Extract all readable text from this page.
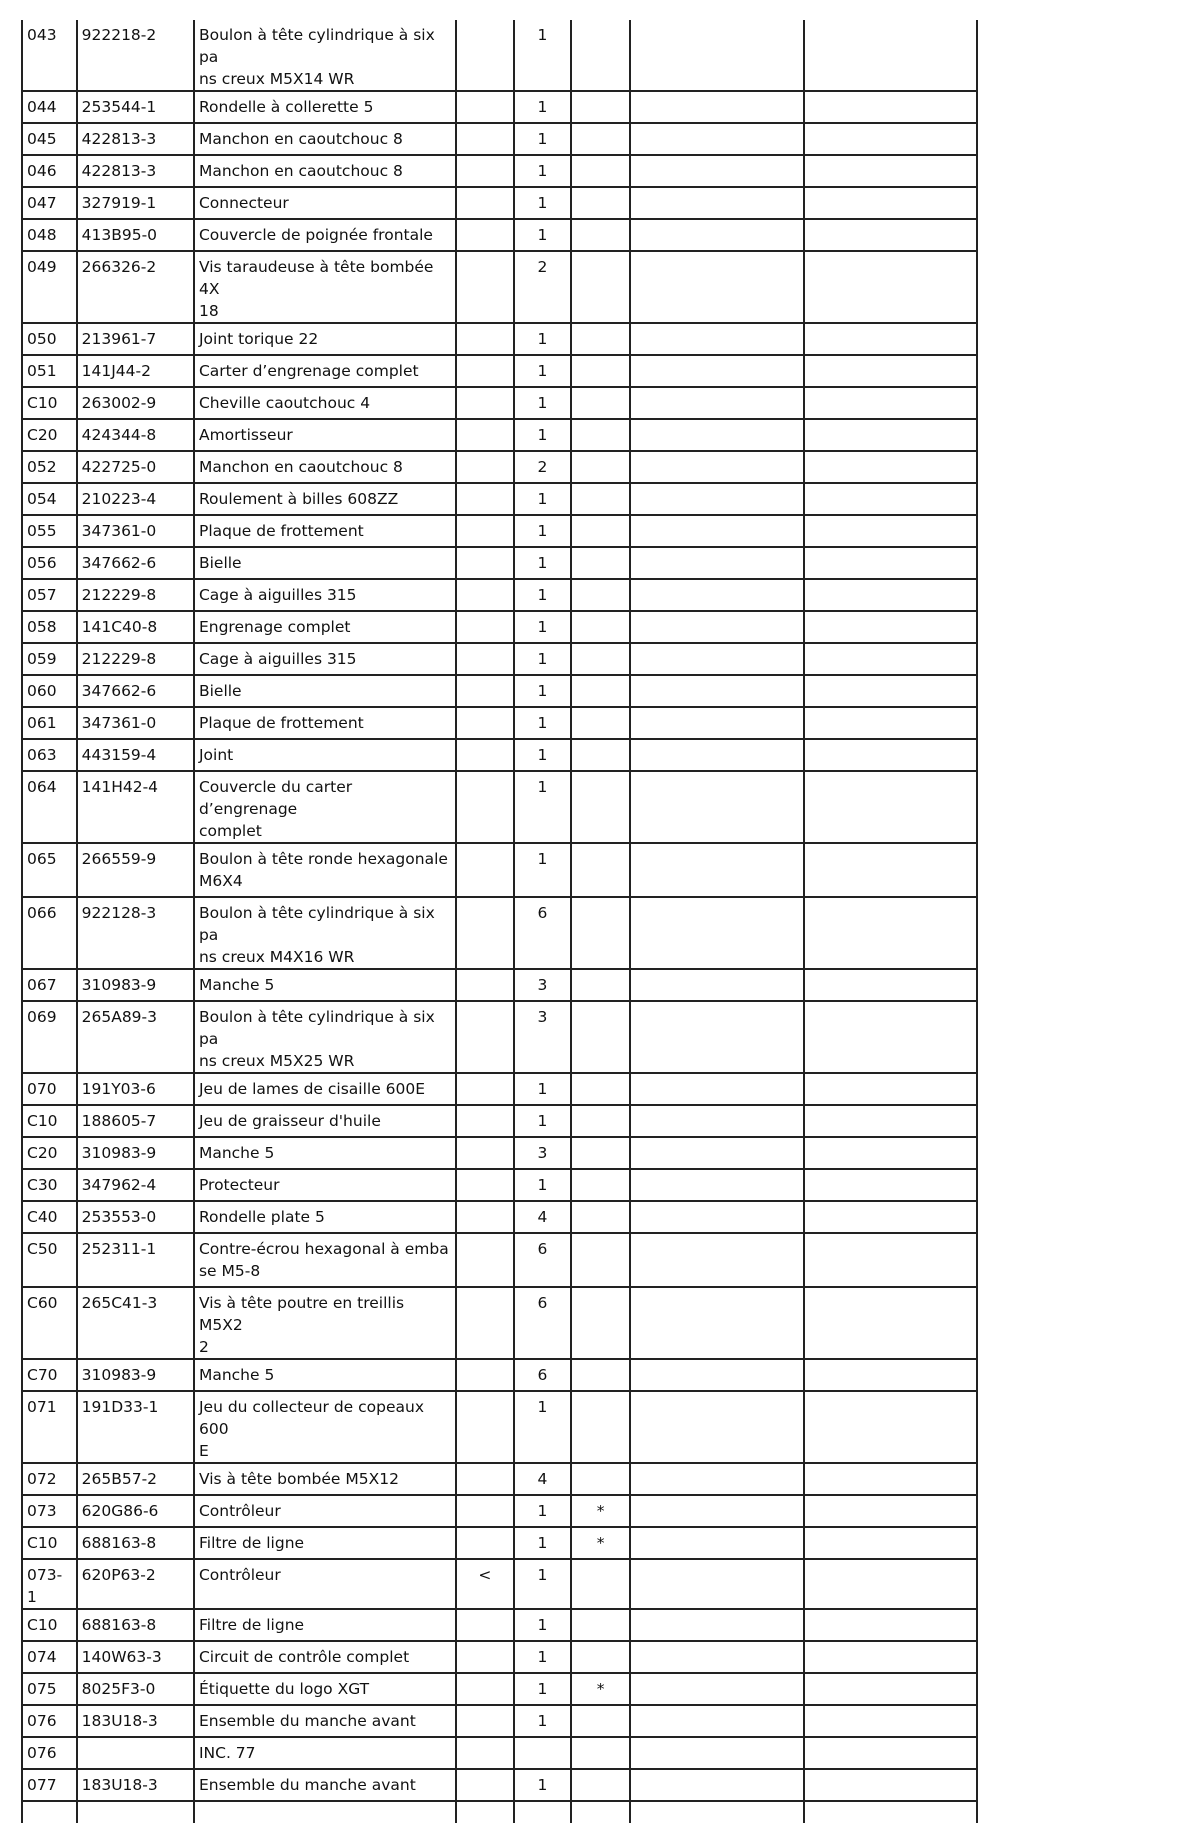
043	922218-2	Boulon à tête cylindrique à six pa
ns creux M5X14 WR		1			

044	253544-1	Rondelle à collerette 5		1			

045	422813-3	Manchon en caoutchouc 8		1			

046	422813-3	Manchon en caoutchouc 8		1			

047	327919-1	Connecteur		1			

048	413B95-0	Couvercle de poignée frontale		1			

049	266326-2	Vis taraudeuse à tête bombée 4X
18		2			

050	213961-7	Joint torique 22		1			

051	141J44-2	Carter d’engrenage complet		1			

C10	263002-9	Cheville caoutchouc 4		1			

C20	424344-8	Amortisseur		1			

052	422725-0	Manchon en caoutchouc 8		2			

054	210223-4	Roulement à billes 608ZZ		1			

055	347361-0	Plaque de frottement		1			

056	347662-6	Bielle		1			

057	212229-8	Cage à aiguilles 315		1			

058	141C40-8	Engrenage complet		1			

059	212229-8	Cage à aiguilles 315		1			

060	347662-6	Bielle		1			

061	347361-0	Plaque de frottement		1			

063	443159-4	Joint		1			

064	141H42-4	Couvercle du carter d’engrenage
complet		1			

065	266559-9	Boulon à tête ronde hexagonale
M6X4		1			

066	922128-3	Boulon à tête cylindrique à six pa
ns creux M4X16 WR		6			

067	310983-9	Manche 5		3			

069	265A89-3	Boulon à tête cylindrique à six pa
ns creux M5X25 WR		3			

070	191Y03-6	Jeu de lames de cisaille 600E		1			

C10	188605-7	Jeu de graisseur d'huile		1			

C20	310983-9	Manche 5		3			

C30	347962-4	Protecteur		1			

C40	253553-0	Rondelle plate 5		4			

C50	252311-1	Contre-écrou hexagonal à emba
se M5-8		6			

C60	265C41-3	Vis à tête poutre en treillis M5X2
2		6			

C70	310983-9	Manche 5		6			

071	191D33-1	Jeu du collecteur de copeaux 600
E		1			

072	265B57-2	Vis à tête bombée M5X12		4			

073	620G86-6	Contrôleur		1	*		

C10	688163-8	Filtre de ligne		1	*		

073-1	620P63-2	Contrôleur	<	1			

C10	688163-8	Filtre de ligne		1			

074	140W63-3	Circuit de contrôle complet		1			

075	8025F3-0	Étiquette du logo XGT		1	*		

076	183U18-3	Ensemble du manche avant		1			

076		INC. 77					

077	183U18-3	Ensemble du manche avant		1			
